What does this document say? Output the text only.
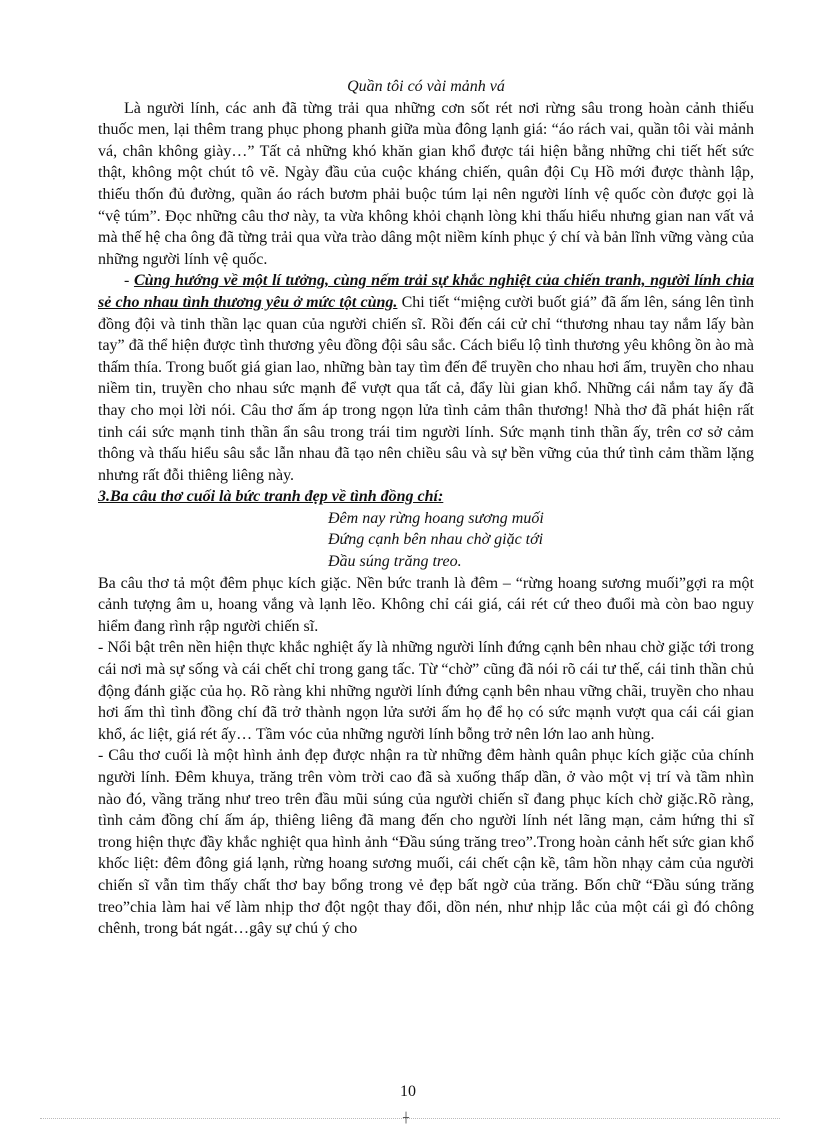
Quần tôi có vài mảnh vá

Là người lính, các anh đã từng trải qua những cơn sốt rét nơi rừng sâu trong hoàn cảnh thiếu thuốc men, lại thêm trang phục phong phanh giữa mùa đông lạnh giá: “áo rách vai, quần tôi vài mảnh vá, chân không giày…” Tất cả những khó khăn gian khổ được tái hiện bằng những chi tiết hết sức thật, không một chút tô vẽ. Ngày đầu của cuộc kháng chiến, quân đội Cụ Hồ mới được thành lập, thiếu thốn đủ đường, quần áo rách bươm phải buộc túm lại nên người lính vệ quốc còn được gọi là “vệ túm”. Đọc những câu thơ này, ta vừa không khỏi chạnh lòng khi thấu hiểu nhưng gian nan vất vả mà thế hệ cha ông đã từng trải qua vừa trào dâng một niềm kính phục ý chí và bản lĩnh vững vàng của những người lính vệ quốc.

- Cùng hướng về một lí tưởng, cùng nếm trải sự khắc nghiệt của chiến tranh, người lính chia sẻ cho nhau tình thương yêu ở mức tột cùng. Chi tiết “miệng cười buốt giá” đã ấm lên, sáng lên tình đồng đội và tinh thần lạc quan của người chiến sĩ. Rồi đến cái cử chỉ “thương nhau tay nắm lấy bàn tay” đã thể hiện được tình thương yêu đồng đội sâu sắc. Cách biểu lộ tình thương yêu không ồn ào mà thấm thía. Trong buốt giá gian lao, những bàn tay tìm đến để truyền cho nhau hơi ấm, truyền cho nhau niềm tin, truyền cho nhau sức mạnh để vượt qua tất cả, đẩy lùi gian khổ. Những cái nắm tay ấy đã thay cho mọi lời nói. Câu thơ ấm áp trong ngọn lửa tình cảm thân thương! Nhà thơ đã phát hiện rất tinh cái sức mạnh tinh thần ẩn sâu trong trái tim người lính. Sức mạnh tinh thần ấy, trên cơ sở cảm thông và thấu hiểu sâu sắc lẫn nhau đã tạo nên chiều sâu và sự bền vững của thứ tình cảm thầm lặng nhưng rất đỗi thiêng liêng này.

3.Ba câu thơ cuối là bức tranh đẹp về tình đồng chí:

Đêm nay rừng hoang sương muối
Đứng cạnh bên nhau chờ giặc tới
Đầu súng trăng treo.

Ba câu thơ tả một đêm phục kích giặc. Nền bức tranh là đêm – “rừng hoang sương muối”gợi ra một cảnh tượng âm u, hoang vắng và lạnh lẽo. Không chỉ cái giá, cái rét cứ theo đuổi mà còn bao nguy hiểm đang rình rập người chiến sĩ.

- Nổi bật trên nền hiện thực khắc nghiệt ấy là những người lính đứng cạnh bên nhau chờ giặc tới trong cái nơi mà sự sống và cái chết chỉ trong gang tấc. Từ “chờ” cũng đã nói rõ cái tư thế, cái tinh thần chủ động đánh giặc của họ. Rõ ràng khi những người lính đứng cạnh bên nhau vững chãi, truyền cho nhau hơi ấm thì tình đồng chí đã trở thành ngọn lửa sưởi ấm họ để họ có sức mạnh vượt qua cái cái gian khổ, ác liệt, giá rét ấy… Tầm vóc của những người lính bỗng trở nên lớn lao anh hùng.

- Câu thơ cuối là một hình ảnh đẹp được nhận ra từ những đêm hành quân phục kích giặc của chính người lính. Đêm khuya, trăng trên vòm trời cao đã sà xuống thấp dần, ở vào một vị trí và tầm nhìn nào đó, vầng trăng như treo trên đầu mũi súng của người chiến sĩ đang phục kích chờ giặc.Rõ ràng, tình cảm đồng chí ấm áp, thiêng liêng đã mang đến cho người lính nét lãng mạn, cảm hứng thi sĩ trong hiện thực đầy khắc nghiệt qua hình ảnh “Đầu súng trăng treo”.Trong hoàn cảnh hết sức gian khổ khốc liệt: đêm đông giá lạnh, rừng hoang sương muối, cái chết cận kề, tâm hồn nhạy cảm của người chiến sĩ vẫn tìm thấy chất thơ bay bổng trong vẻ đẹp bất ngờ của trăng. Bốn chữ “Đầu súng trăng treo”chia làm hai vế làm nhịp thơ đột ngột thay đổi, dồn nén, như nhịp lắc của một cái gì đó chông chênh, trong bát ngát…gây sự chú ý cho

10
┼
